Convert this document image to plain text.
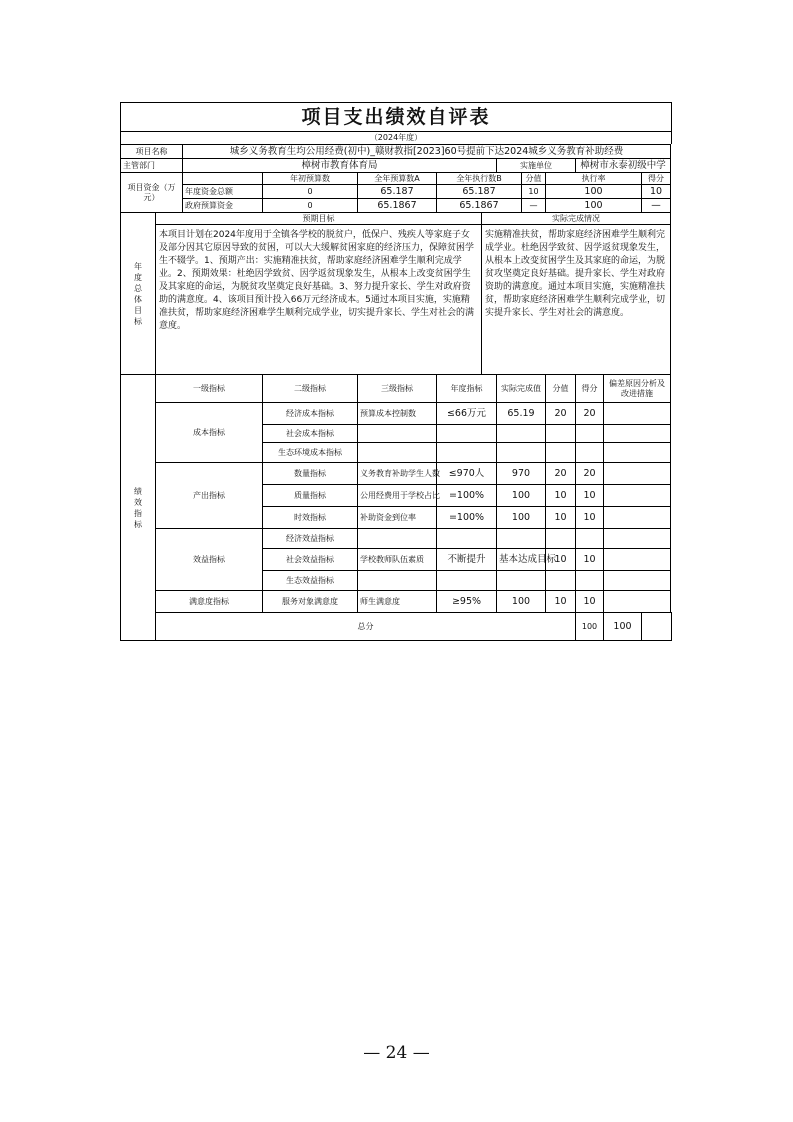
项目支出绩效自评表
（2024年度）
项目名称		城乡义务教育生均公用经费(初中)_赣财教指[2023]60号提前下达2024城乡义务教育补助经费										
主管部门		樟树市教育体育局					实施单位			樟树市永泰初级中学		
项目资金（万元）			年初预算数	全年预算数A	全年执行数B			分值	执行率			得分
		年度资金总额	0	65.187	65.187			10	100			10
		政府预算资金	0	65.1867	65.1867			—	100			—

年度总体目标	预期目标					实际完成情况						
	本项目计划在2024年度用于全镇各学校的脱贫户，低保户、残疾人等家庭子女及部分因其它原因导致的贫困，可以大大缓解贫困家庭的经济压力，保障贫困学生不辍学。1、预期产出：实施精准扶贫，帮助家庭经济困难学生顺利完成学业。2、预期效果：杜绝因学致贫、因学返贫现象发生，从根本上改变贫困学生及其家庭的命运，为脱贫攻坚奠定良好基础。3、努力提升家长、学生对政府资助的满意度。4、该项目预计投入66万元经济成本。5通过本项目实施，实施精准扶贫，帮助家庭经济困难学生顺利完成学业，切实提升家长、学生对社会的满意度。					实施精准扶贫，帮助家庭经济困难学生顺利完成学业。杜绝因学致贫、因学返贫现象发生，从根本上改变贫困学生及其家庭的命运，为脱贫攻坚奠定良好基础。提升家长、学生对政府资助的满意度。通过本项目实施，实施精准扶贫，帮助家庭经济困难学生顺利完成学业，切实提升家长、学生对社会的满意度。						

绩效指标	一级指标		二级指标	三级指标	年度指标		实际完成值		分值	得分	偏差原因分析及改进措施	
	成本指标		经济成本指标	预算成本控制数	≤66万元		65.19		20	20		
			社会成本指标									
			生态环境成本指标									
	产出指标		数量指标	义务教育补助学生人数	≤970人		970		20	20		
			质量指标	公用经费用于学校占比	=100%		100		10	10		
			时效指标	补助资金到位率	=100%		100		10	10		
	效益指标		经济效益指标									
			社会效益指标	学校教师队伍素质	不断提升		基本达成目标		10	10		
			生态效益指标									
	满意度指标		服务对象满意度	师生满意度	≥95%		100		10	10		
	总分									100	100	
— 24 —
